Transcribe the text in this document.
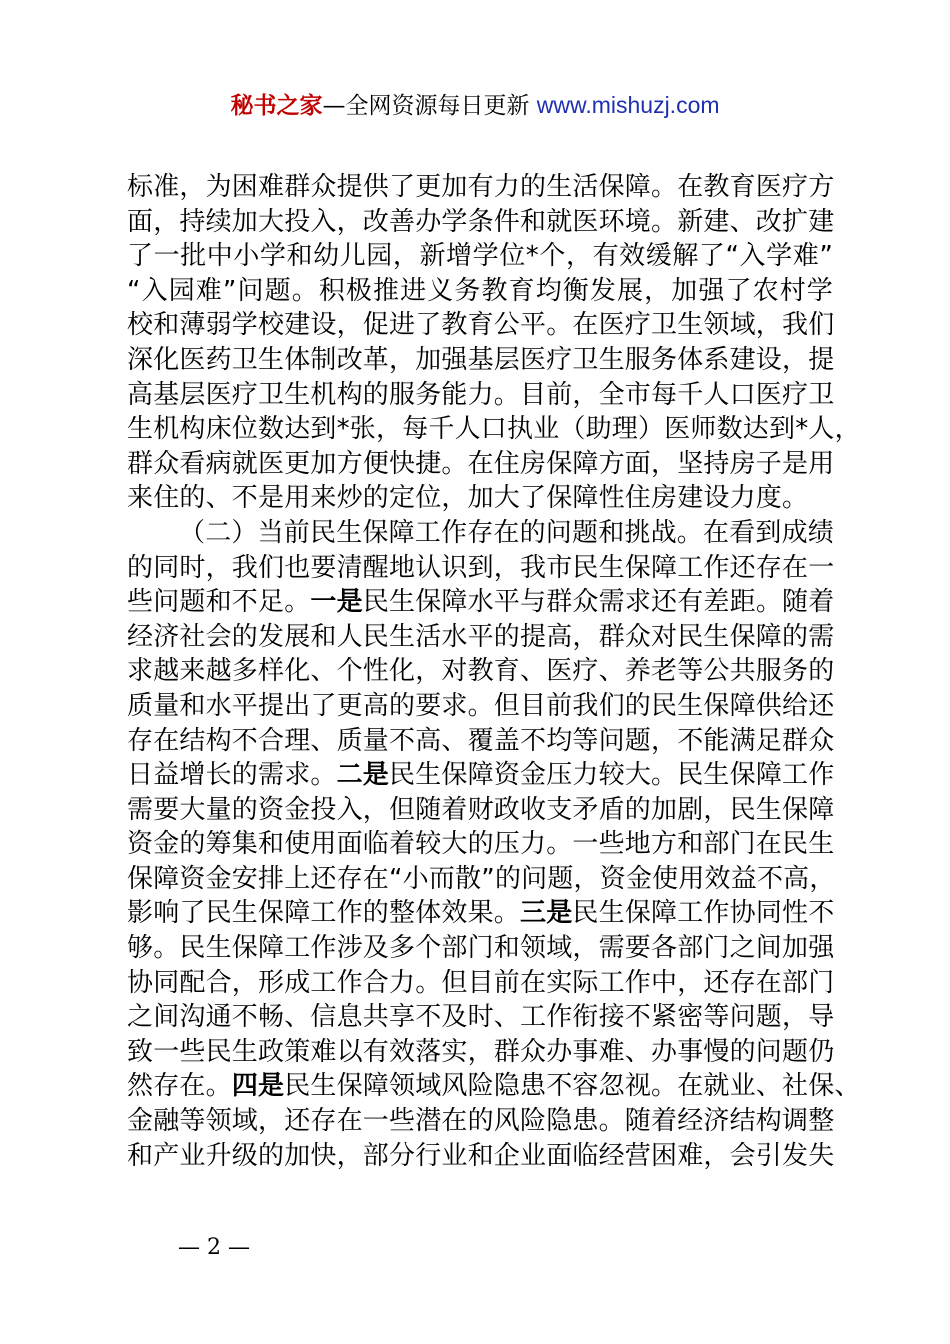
秘书之家—全网资源每日更新 www.mishuzj.com
标准，为困难群众提供了更加有力的生活保障。在教育医疗方
面，持续加大投入，改善办学条件和就医环境。新建、改扩建
了一批中小学和幼儿园，新增学位*个，有效缓解了“入学难”
“入园难”问题。积极推进义务教育均衡发展，加强了农村学
校和薄弱学校建设，促进了教育公平。在医疗卫生领域，我们
深化医药卫生体制改革，加强基层医疗卫生服务体系建设，提
高基层医疗卫生机构的服务能力。目前，全市每千人口医疗卫
生机构床位数达到*张，每千人口执业（助理）医师数达到*人，
群众看病就医更加方便快捷。在住房保障方面，坚持房子是用
来住的、不是用来炒的定位，加大了保障性住房建设力度。
（二）当前民生保障工作存在的问题和挑战。在看到成绩
的同时，我们也要清醒地认识到，我市民生保障工作还存在一
些问题和不足。一是民生保障水平与群众需求还有差距。随着
经济社会的发展和人民生活水平的提高，群众对民生保障的需
求越来越多样化、个性化，对教育、医疗、养老等公共服务的
质量和水平提出了更高的要求。但目前我们的民生保障供给还
存在结构不合理、质量不高、覆盖不均等问题，不能满足群众
日益增长的需求。二是民生保障资金压力较大。民生保障工作
需要大量的资金投入，但随着财政收支矛盾的加剧，民生保障
资金的筹集和使用面临着较大的压力。一些地方和部门在民生
保障资金安排上还存在“小而散”的问题，资金使用效益不高，
影响了民生保障工作的整体效果。三是民生保障工作协同性不
够。民生保障工作涉及多个部门和领域，需要各部门之间加强
协同配合，形成工作合力。但目前在实际工作中，还存在部门
之间沟通不畅、信息共享不及时、工作衔接不紧密等问题，导
致一些民生政策难以有效落实，群众办事难、办事慢的问题仍
然存在。四是民生保障领域风险隐患不容忽视。在就业、社保、
金融等领域，还存在一些潜在的风险隐患。随着经济结构调整
和产业升级的加快，部分行业和企业面临经营困难，会引发失
— 2 —
